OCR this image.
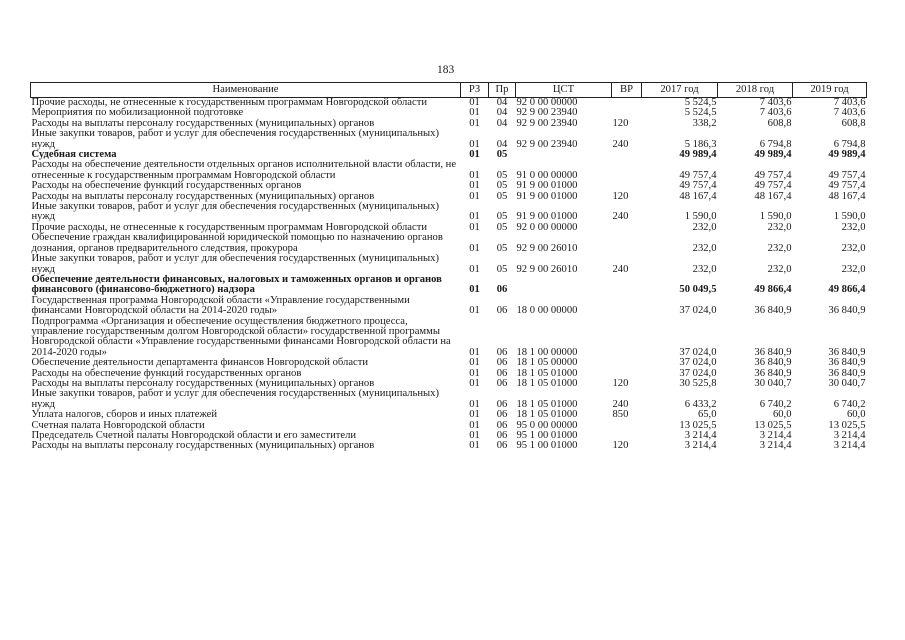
183
Наименование	РЗ	Пр	ЦСТ	ВР	2017 год	2018 год	2019 год
Прочие расходы, не отнесенные к государственным программам Новгородской области	01	04	92 0 00 00000		5 524,5	7 403,6	7 403,6
Мероприятия по мобилизационной подготовке	01	04	92 9 00 23940		5 524,5	7 403,6	7 403,6
Расходы на выплаты персоналу государственных (муниципальных) органов	01	04	92 9 00 23940	120	338,2	608,8	608,8
Иные закупки товаров, работ и услуг для обеспечения государственных (муниципальных) нужд	01	04	92 9 00 23940	240	5 186,3	6 794,8	6 794,8
Судебная система	01	05			49 989,4	49 989,4	49 989,4
Расходы на обеспечение деятельности отдельных органов исполнительной власти области, не отнесенные к государственным программам Новгородской области	01	05	91 0 00 00000		49 757,4	49 757,4	49 757,4
Расходы на обеспечение функций государственных органов	01	05	91 9 00 01000		49 757,4	49 757,4	49 757,4
Расходы на выплаты персоналу государственных (муниципальных) органов	01	05	91 9 00 01000	120	48 167,4	48 167,4	48 167,4
Иные закупки товаров, работ и услуг для обеспечения государственных (муниципальных) нужд	01	05	91 9 00 01000	240	1 590,0	1 590,0	1 590,0
Прочие расходы, не отнесенные к государственным программам Новгородской области	01	05	92 0 00 00000		232,0	232,0	232,0
Обеспечение граждан квалифицированной юридической помощью по назначению органов дознания, органов предварительного следствия, прокурора	01	05	92 9 00 26010		232,0	232,0	232,0
Иные закупки товаров, работ и услуг для обеспечения государственных (муниципальных) нужд	01	05	92 9 00 26010	240	232,0	232,0	232,0
Обеспечение деятельности финансовых, налоговых и таможенных органов и органов финансового (финансово-бюджетного) надзора	01	06			50 049,5	49 866,4	49 866,4
Государственная программа Новгородской области «Управление государственными финансами Новгородской области на 2014-2020 годы»	01	06	18 0 00 00000		37 024,0	36 840,9	36 840,9
Подпрограмма «Организация и обеспечение осуществления бюджетного процесса, управление государственным долгом Новгородской области» государственной программы Новгородской области «Управление государственными финансами Новгородской области на 2014-2020 годы»	01	06	18 1 00 00000		37 024,0	36 840,9	36 840,9
Обеспечение деятельности департамента финансов Новгородской области	01	06	18 1 05 00000		37 024,0	36 840,9	36 840,9
Расходы на обеспечение функций государственных органов	01	06	18 1 05 01000		37 024,0	36 840,9	36 840,9
Расходы на выплаты персоналу государственных (муниципальных) органов	01	06	18 1 05 01000	120	30 525,8	30 040,7	30 040,7
Иные закупки товаров, работ и услуг для обеспечения государственных (муниципальных) нужд	01	06	18 1 05 01000	240	6 433,2	6 740,2	6 740,2
Уплата налогов, сборов и иных платежей	01	06	18 1 05 01000	850	65,0	60,0	60,0
Счетная палата Новгородской области	01	06	95 0 00 00000		13 025,5	13 025,5	13 025,5
Председатель Счетной палаты Новгородской области и его заместители	01	06	95 1 00 01000		3 214,4	3 214,4	3 214,4
Расходы на выплаты персоналу государственных (муниципальных) органов	01	06	95 1 00 01000	120	3 214,4	3 214,4	3 214,4
